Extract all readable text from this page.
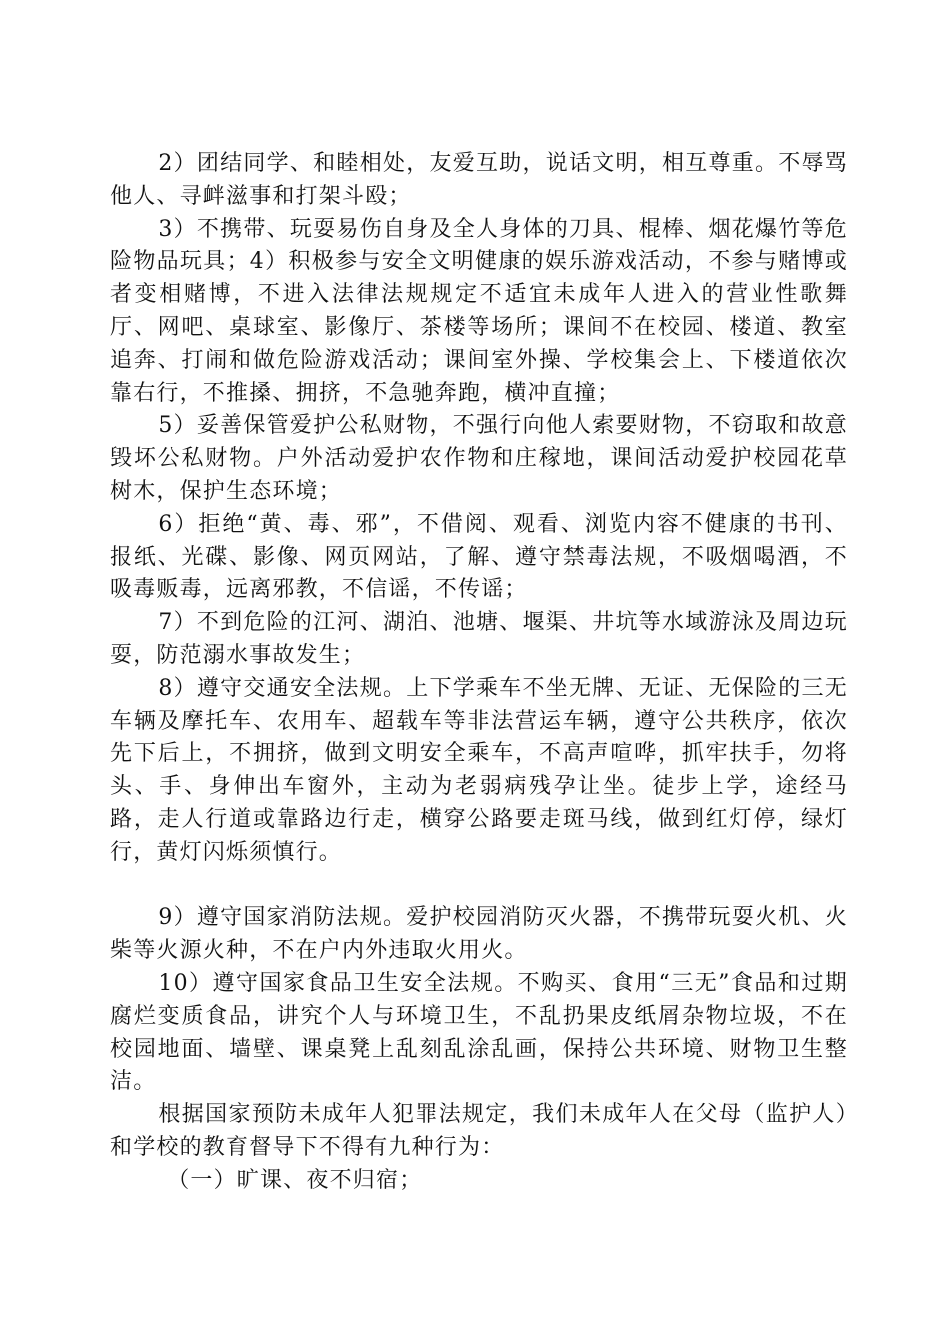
2）团结同学、和睦相处，友爱互助，说话文明，相互尊重。不辱骂他人、寻衅滋事和打架斗殴；

3）不携带、玩耍易伤自身及全人身体的刀具、棍棒、烟花爆竹等危险物品玩具；4）积极参与安全文明健康的娱乐游戏活动，不参与赌博或者变相赌博，不进入法律法规规定不适宜未成年人进入的营业性歌舞厅、网吧、桌球室、影像厅、茶楼等场所；课间不在校园、楼道、教室追奔、打闹和做危险游戏活动；课间室外操、学校集会上、下楼道依次靠右行，不推搡、拥挤，不急驰奔跑，横冲直撞；

5）妥善保管爱护公私财物，不强行向他人索要财物，不窃取和故意毁坏公私财物。户外活动爱护农作物和庄稼地，课间活动爱护校园花草树木，保护生态环境；

6）拒绝“黄、毒、邪”，不借阅、观看、浏览内容不健康的书刊、报纸、光碟、影像、网页网站，了解、遵守禁毒法规，不吸烟喝酒，不吸毒贩毒，远离邪教，不信谣，不传谣；

7）不到危险的江河、湖泊、池塘、堰渠、井坑等水域游泳及周边玩耍，防范溺水事故发生；

8）遵守交通安全法规。上下学乘车不坐无牌、无证、无保险的三无车辆及摩托车、农用车、超载车等非法营运车辆，遵守公共秩序，依次先下后上，不拥挤，做到文明安全乘车，不高声喧哗，抓牢扶手，勿将头、手、身伸出车窗外，主动为老弱病残孕让坐。徒步上学，途经马路，走人行道或靠路边行走，横穿公路要走斑马线，做到红灯停，绿灯行，黄灯闪烁须慎行。

9）遵守国家消防法规。爱护校园消防灭火器，不携带玩耍火机、火柴等火源火种，不在户内外违取火用火。

10）遵守国家食品卫生安全法规。不购买、食用“三无”食品和过期腐烂变质食品，讲究个人与环境卫生，不乱扔果皮纸屑杂物垃圾，不在校园地面、墙壁、课桌凳上乱刻乱涂乱画，保持公共环境、财物卫生整洁。

根据国家预防未成年人犯罪法规定，我们未成年人在父母（监护人）和学校的教育督导下不得有九种行为：

（一）旷课、夜不归宿；
